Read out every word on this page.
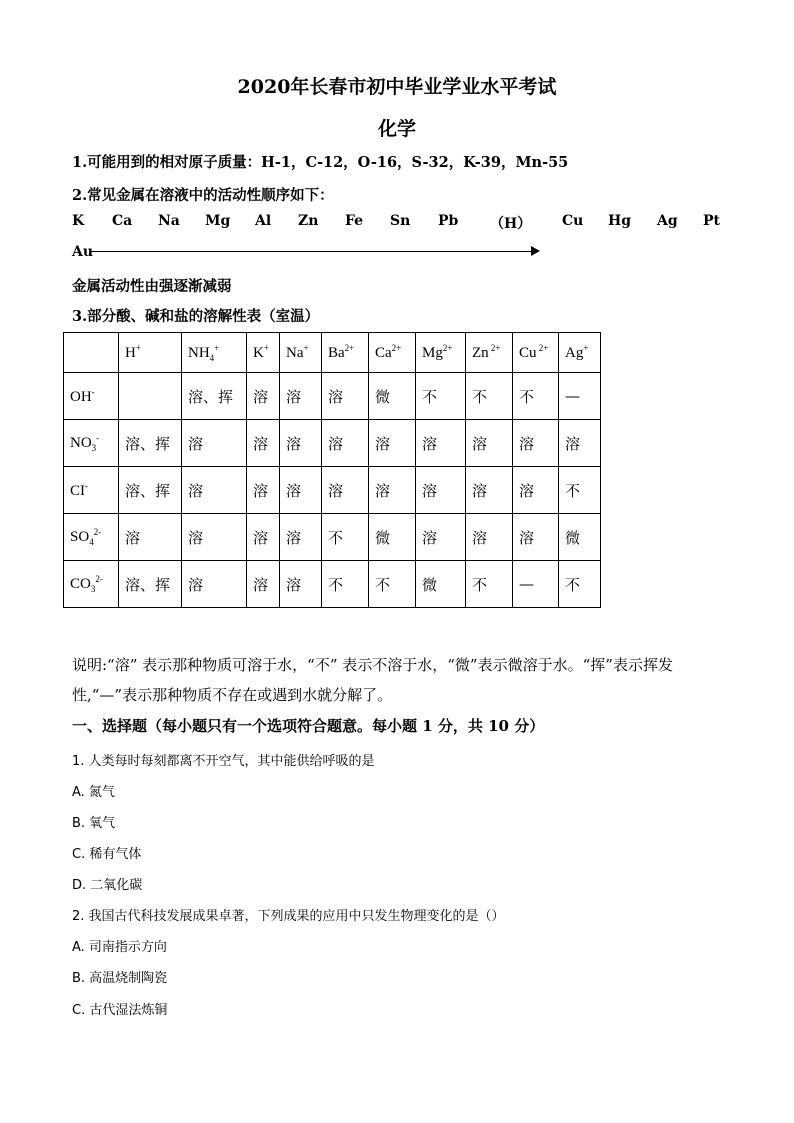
2020年长春市初中毕业学业水平考试
化学
1.可能用到的相对原子质量：H-1，C-12，O-16，S-32，K-39，Mn-55
2.常见金属在溶液中的活动性顺序如下：
K Ca Na Mg Al Zn Fe Sn Pb （H） Cu Hg Ag Pt
Au
金属活动性由强逐渐减弱
3.部分酸、碱和盐的溶解性表（室温）
	H+	$NH_4^+$	K+	Na+	$Ba^{2+}$	$Ca^{2+}$	$Mg^{2+}$	Zn $^{2+}$	Cu $^{2+}$	Ag+
OH-		溶、挥	溶	溶	溶	微	不	不	不	—
$NO_3^-$	溶、挥	溶	溶	溶	溶	溶	溶	溶	溶	溶
CI-	溶、挥	溶	溶	溶	溶	溶	溶	溶	溶	不
$SO_4^{2-}$	溶	溶	溶	溶	不	微	溶	溶	溶	微
$CO_3^{2-}$	溶、挥	溶	溶	溶	不	不	微	不	—	不
说明:“溶” 表示那种物质可溶于水，“不” 表示不溶于水，“微”表示微溶于水。“挥”表示挥发性,“—”表示那种物质不存在或遇到水就分解了。
一、选择题（每小题只有一个选项符合题意。每小题 1 分，共 10 分）
1. 人类每时每刻都离不开空气，其中能供给呼吸的是
A. 氮气
B. 氧气
C. 稀有气体
D. 二氧化碳
2. 我国古代科技发展成果卓著，下列成果的应用中只发生物理变化的是（）
A. 司南指示方向
B. 高温烧制陶瓷
C. 古代湿法炼铜
